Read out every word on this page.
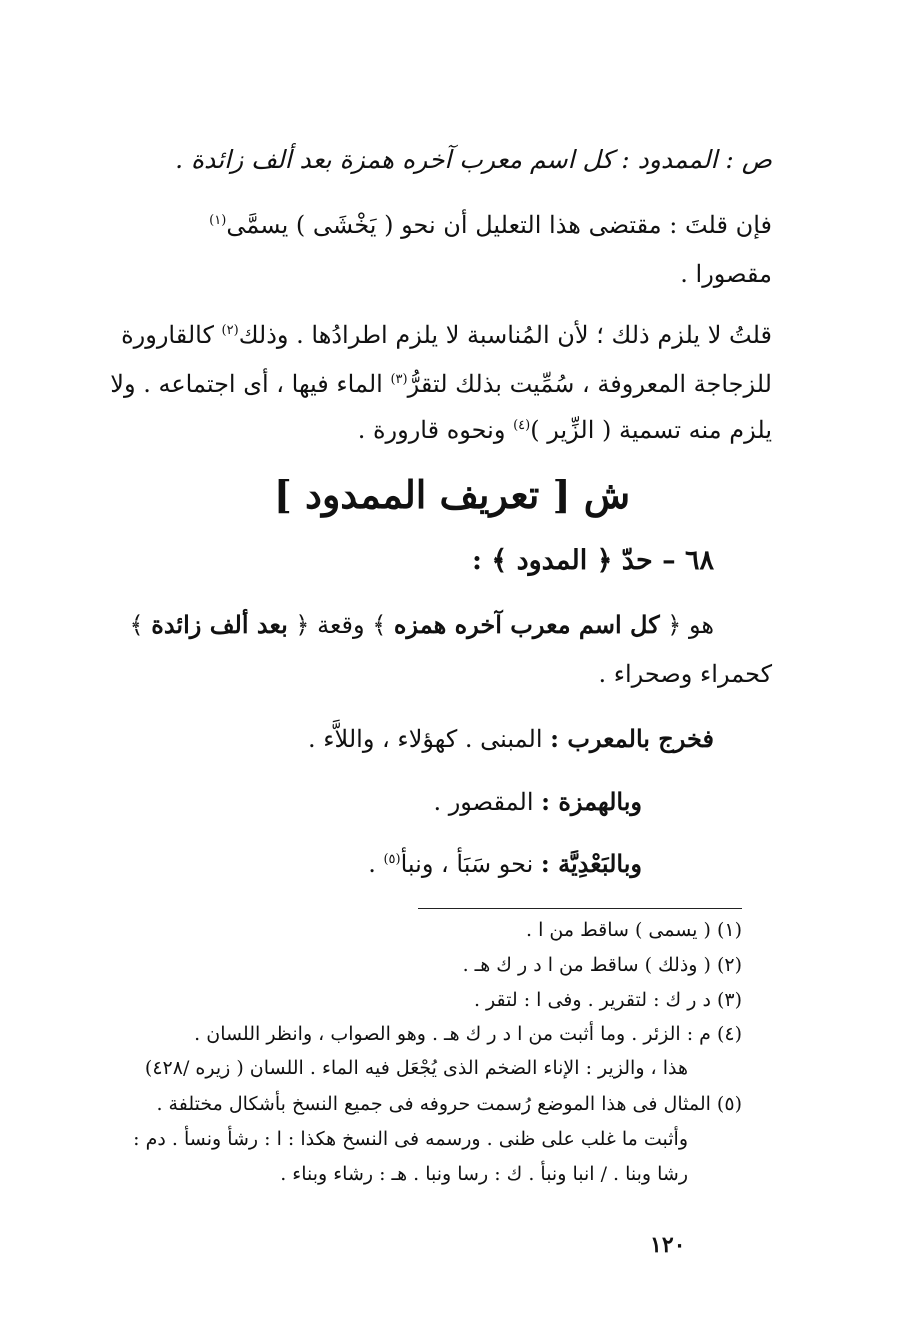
ص : الممدود : كل اسم معرب آخره همزة بعد ألف زائدة .
فإن قلتَ : مقتضى هذا التعليل أن نحو ( يَخْشَى ) يسمَّى$^{(١)}$
مقصورا .
قلتُ لا يلزم ذلك ؛ لأن المُناسبة لا يلزم اطرادُها . وذلك$^{(٢)}$ كالقارورة
للزجاجة المعروفة ، سُمِّيت بذلك لتقرُّ$^{(٣)}$ الماء فيها ، أى اجتماعه . ولا
يلزم منه تسمية ( الزِّير )$^{(٤)}$ ونحوه قارورة .
ش [ تعريف الممدود ]
٦٨ – حدّ ﴿ المدود ﴾ :
هو ﴿ كل اسم معرب آخره همزه ﴾ وقعة ﴿ بعد ألف زائدة ﴾
كحمراء وصحراء .
فخرج بالمعرب : المبنى . كهؤلاء ، واللاَّء .
وبالهمزة : المقصور .
وبالبَعْدِيَّة : نحو سَبَأ ، ونبأ$^{(٥)}$ .
(١) ( يسمى ) ساقط من ا .
(٢) ( وذلك ) ساقط من ا د ر ك هـ .
(٣) د ر ك : لتقرير . وفى ا : لتقر .
(٤) م : الزئر . وما أثبت من ا د ر ك هـ . وهو الصواب ، وانظر اللسان .
هذا ، والزير : الإناء الضخم الذى يُجْعَل فيه الماء . اللسان ( زيره /٤٢٨)
(٥) المثال فى هذا الموضع رُسمت حروفه فى جميع النسخ بأشكال مختلفة .
وأثبت ما غلب على ظنى . ورسمه فى النسخ هكذا : ا : رشأ ونسأ . دم :
رشا وبنا . / انبا ونبأ . ك : رسا ونبا . هـ : رشاء وبناء .
١٢٠
